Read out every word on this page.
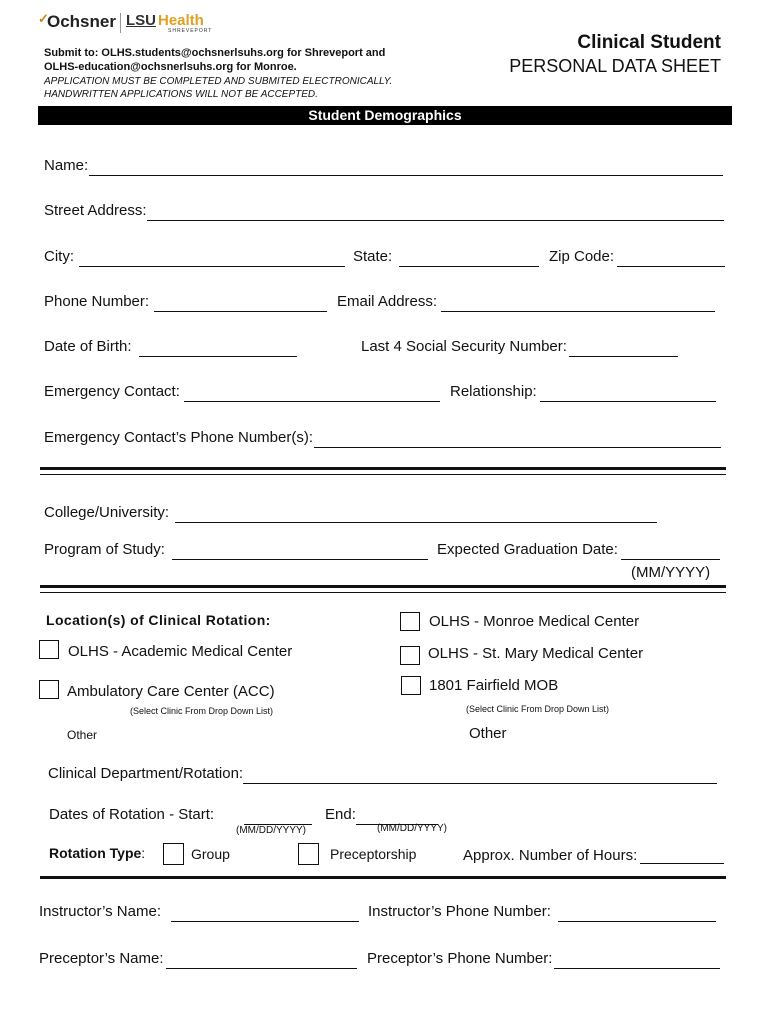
✓
Ochsner LSU Health
SHREVEPORT
Submit to: OLHS.students@ochsnerlsuhs.org for Shreveport and
OLHS-education@ochsnerlsuhs.org for Monroe.
APPLICATION MUST BE COMPLETED AND SUBMITED ELECTRONICALLY.
HANDWRITTEN APPLICATIONS WILL NOT BE ACCEPTED.
Clinical Student
PERSONAL DATA SHEET
Student Demographics
Name:
Street Address:
City:	State:	Zip Code:
Phone Number:	Email Address:
Date of Birth:	Last 4 Social Security Number:
Emergency Contact:	Relationship:
Emergency Contact’s Phone Number(s):
College/University:
Program of Study:	Expected Graduation Date:
(MM/YYYY)
Location(s) of Clinical Rotation:	OLHS - Monroe Medical Center
OLHS - Academic Medical Center	OLHS - St. Mary Medical Center
1801 Fairfield MOB
Ambulatory Care Center (ACC)
(Select Clinic From Drop Down List)	(Select Clinic From Drop Down List)
Other	Other
Clinical Department/Rotation:
Dates of Rotation - Start:	End:
(MM/DD/YYYY)	(MM/DD/YYYY)
Rotation Type:	Group	Preceptorship	Approx. Number of Hours:
Instructor’s Name:	Instructor’s Phone Number:
Preceptor’s Name:	Preceptor’s Phone Number:
